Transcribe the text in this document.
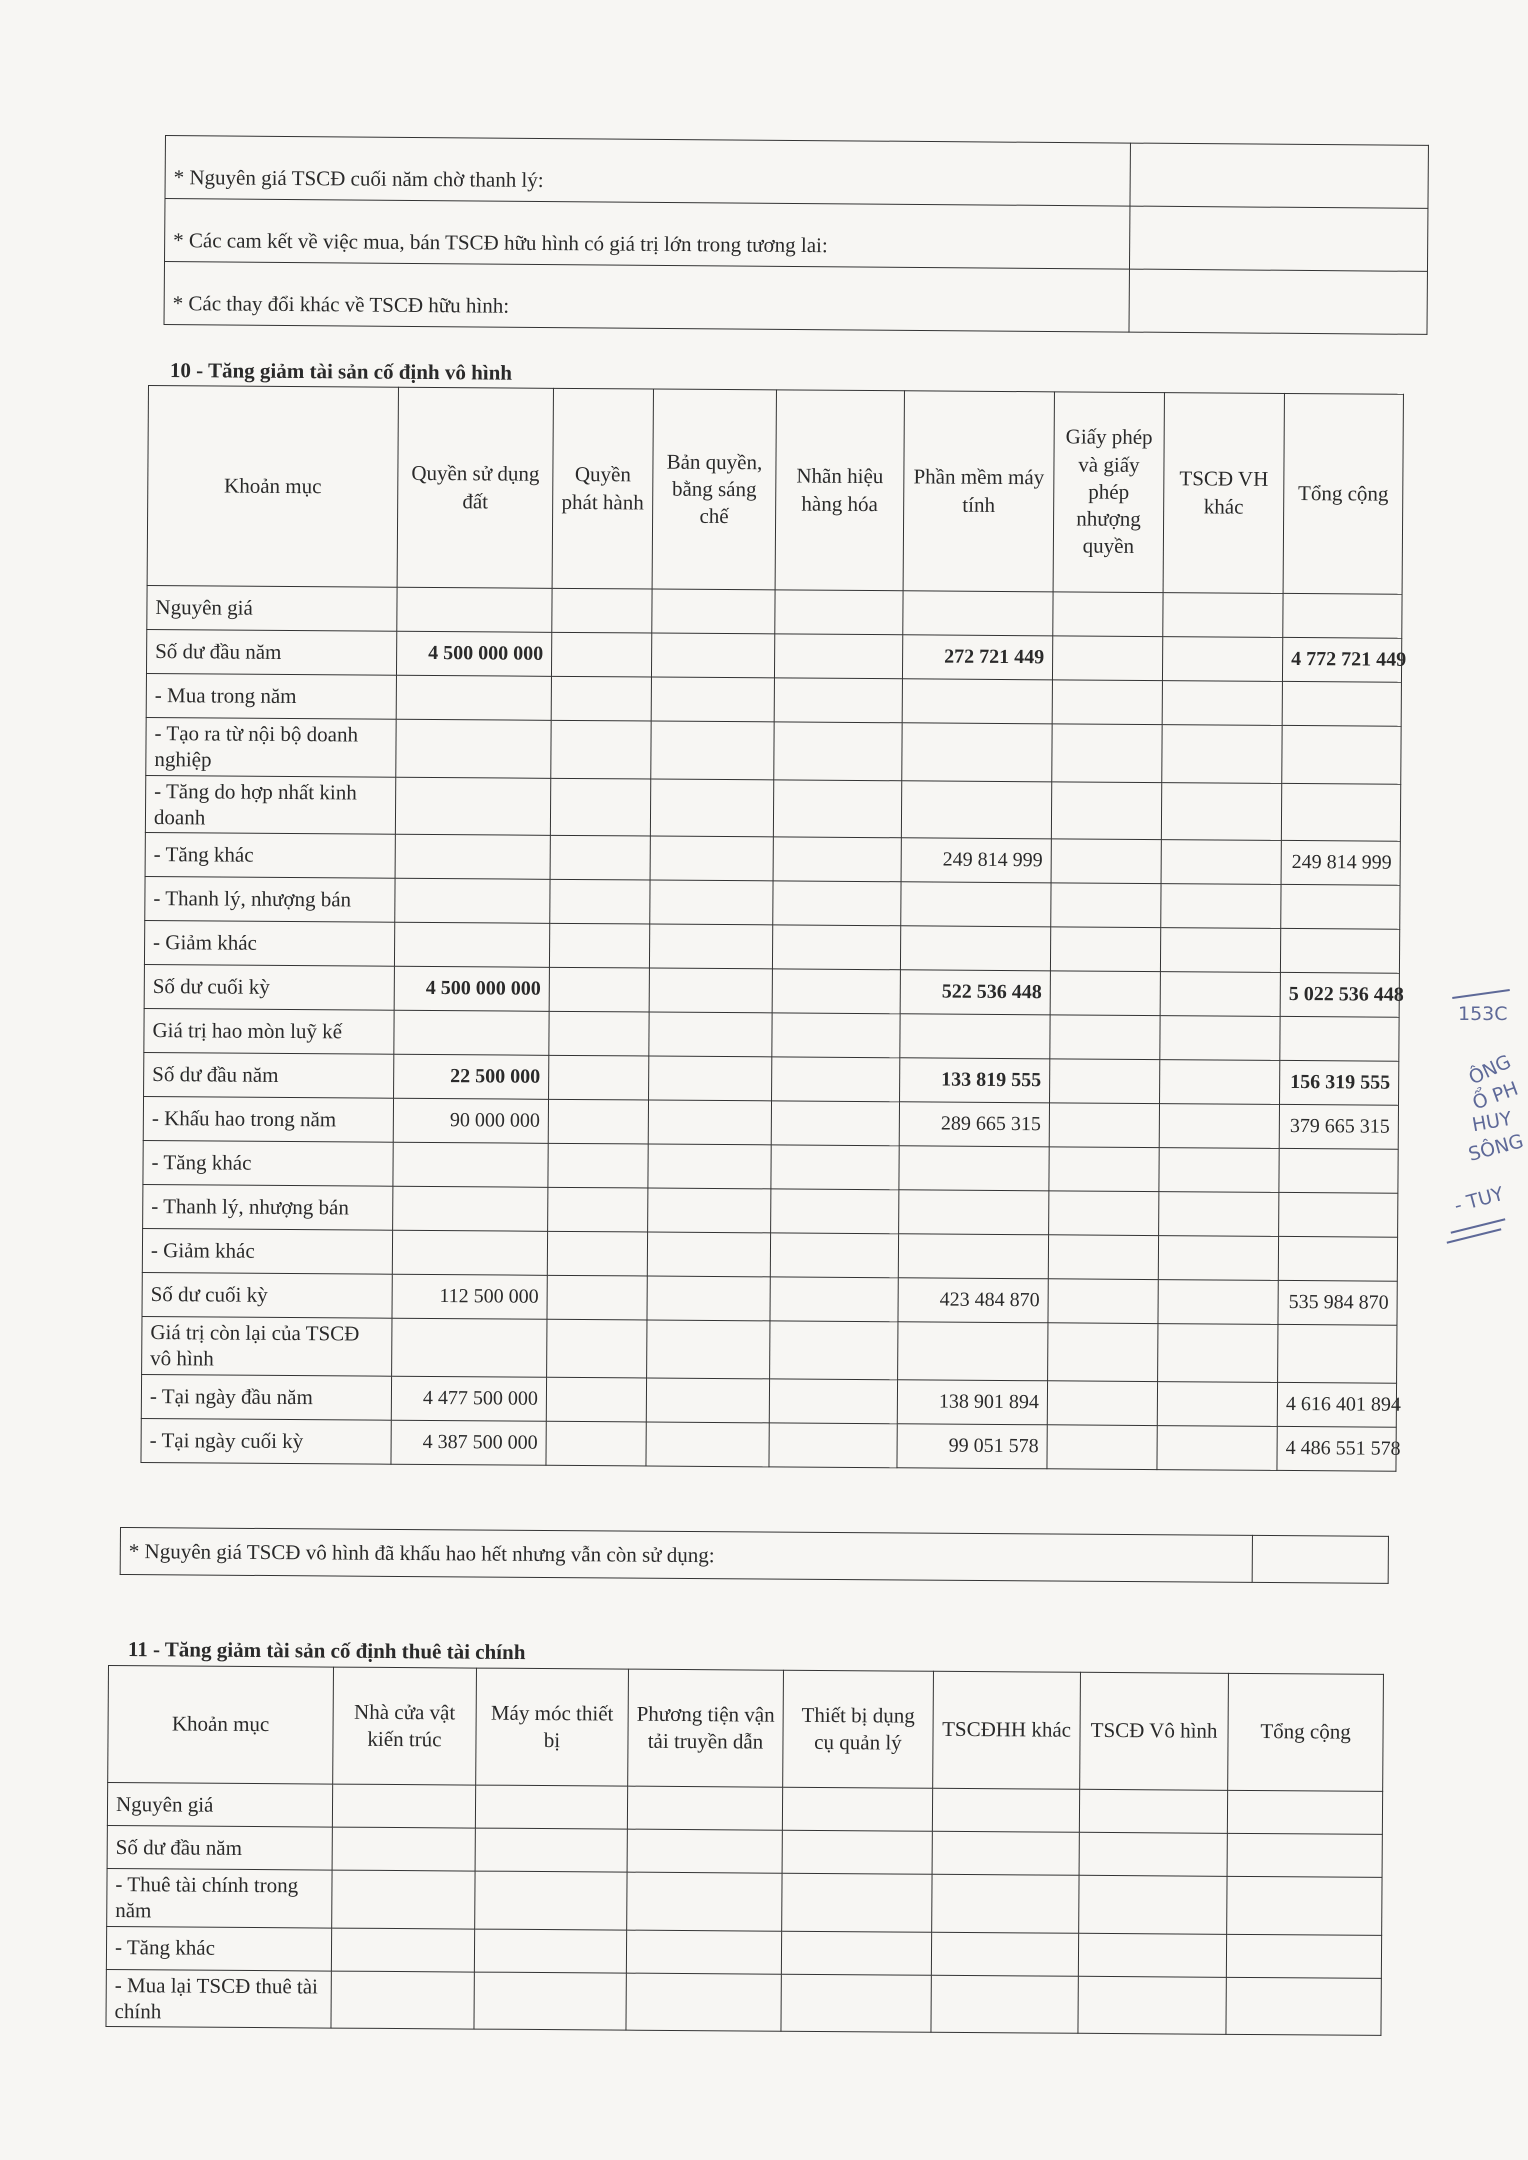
* Nguyên giá TSCĐ cuối năm chờ thanh lý:	
* Các cam kết về việc mua, bán TSCĐ hữu hình có giá trị lớn trong tương lai:	
* Các thay đổi khác về TSCĐ hữu hình:	
10 - Tăng giảm tài sản cố định vô hình
Khoản mục	Quyền sử dụng đất	Quyền phát hành	Bản quyền, bằng sáng chế	Nhãn hiệu hàng hóa	Phần mềm máy tính	Giấy phép và giấy phép nhượng quyền	TSCĐ VH khác	Tổng cộng
Nguyên giá								
Số dư đầu năm	4 500 000 000				272 721 449			4 772 721 449
- Mua trong năm								
- Tạo ra từ nội bộ doanh nghiệp								
- Tăng do hợp nhất kinh doanh								
- Tăng khác					249 814 999			249 814 999
- Thanh lý, nhượng bán								
- Giảm khác								
Số dư cuối kỳ	4 500 000 000				522 536 448			5 022 536 448
Giá trị hao mòn luỹ kế								
Số dư đầu năm	22 500 000				133 819 555			156 319 555
- Khấu hao trong năm	90 000 000				289 665 315			379 665 315
- Tăng khác								
- Thanh lý, nhượng bán								
- Giảm khác								
Số dư cuối kỳ	112 500 000				423 484 870			535 984 870
Giá trị còn lại của TSCĐ vô hình								
- Tại ngày đầu năm	4 477 500 000				138 901 894			4 616 401 894
- Tại ngày cuối kỳ	4 387 500 000				99 051 578			4 486 551 578
* Nguyên giá TSCĐ vô hình đã khấu hao hết nhưng vẫn còn sử dụng:	
11 - Tăng giảm tài sản cố định thuê tài chính
Khoản mục	Nhà cửa vật kiến trúc	Máy móc thiết bị	Phương tiện vận tải truyền dẫn	Thiết bị dụng cụ quản lý	TSCĐHH khác	TSCĐ Vô hình	Tổng cộng
Nguyên giá							
Số dư đầu năm							
- Thuê tài chính trong năm							
- Tăng khác							
- Mua lại TSCĐ thuê tài chính							
153C
ÔNG
Ổ PH
HUY
SÔNG
- TUY
